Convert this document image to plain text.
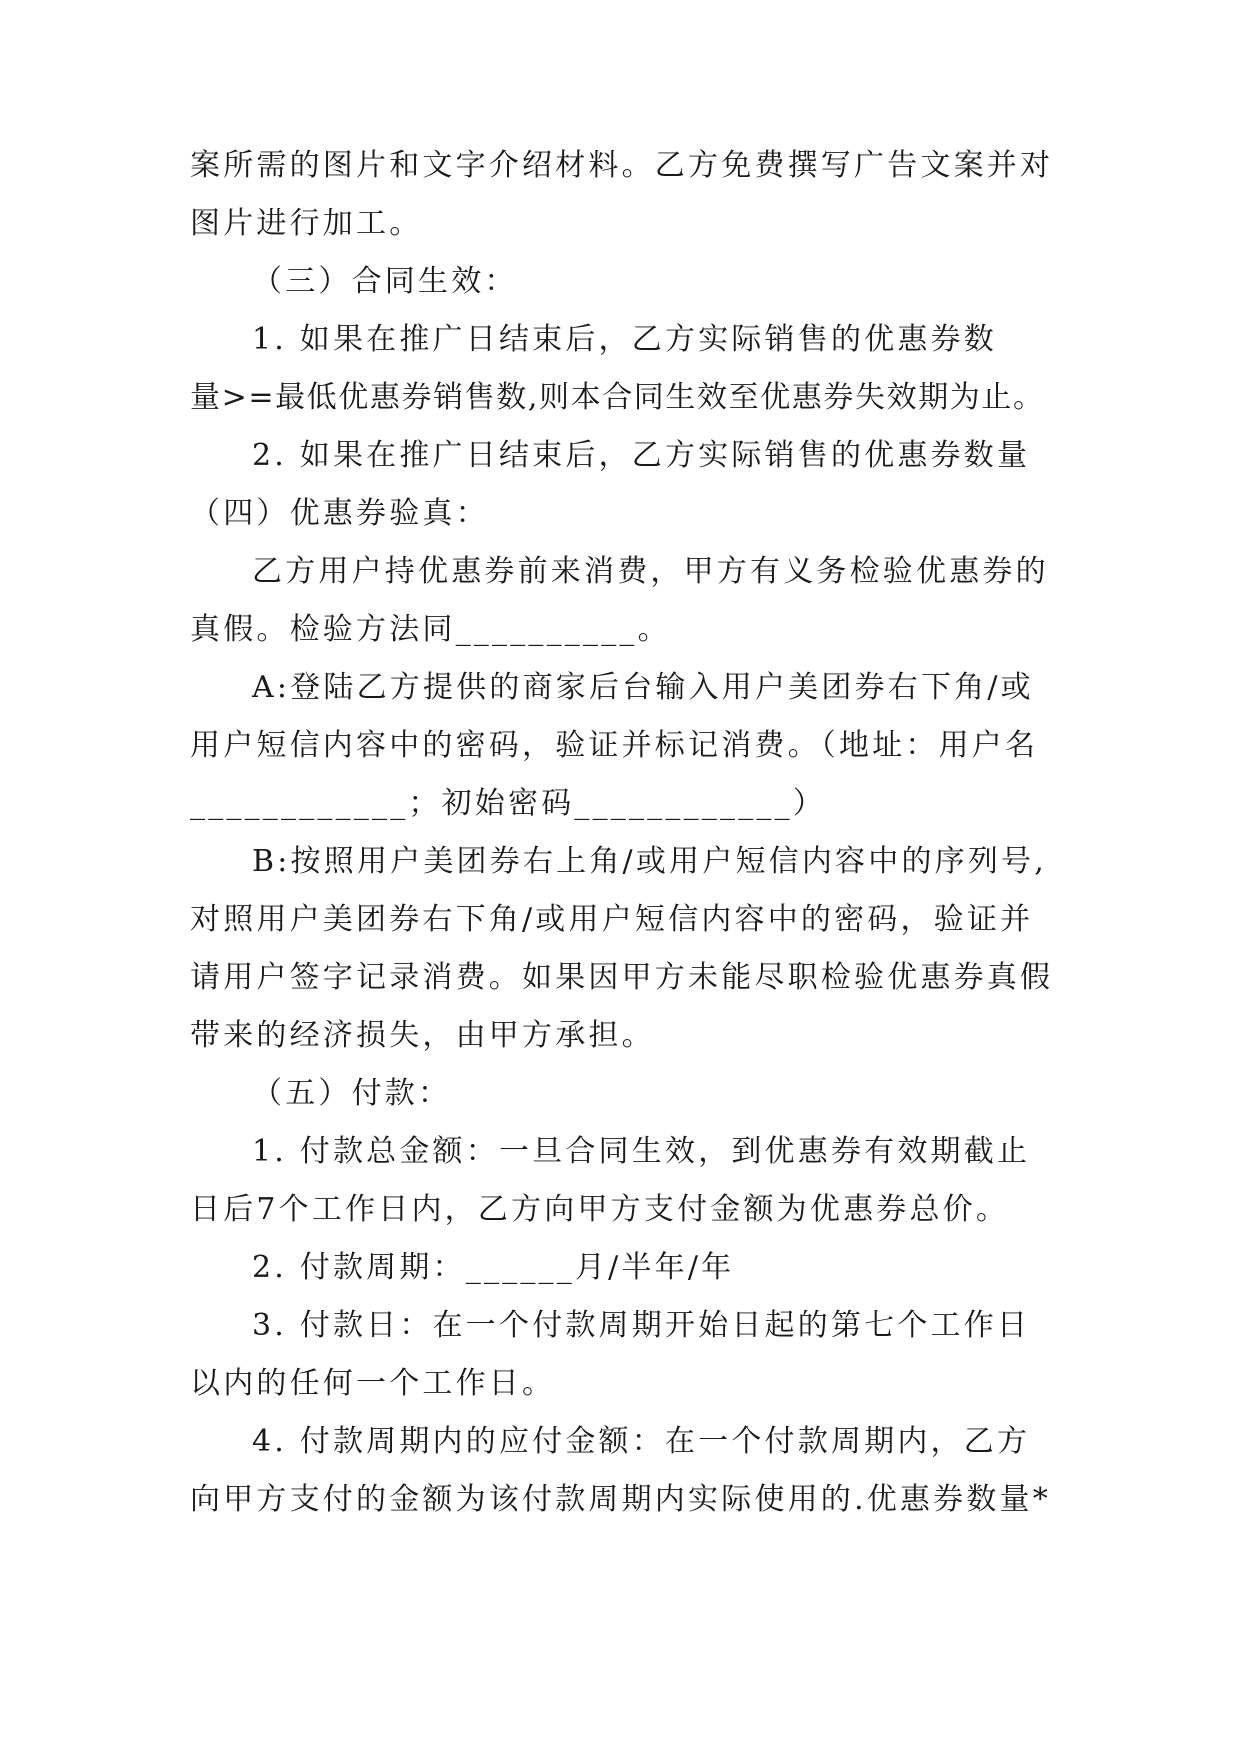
案所需的图片和文字介绍材料。乙方免费撰写广告文案并对
图片进行加工。
（三）合同生效：
1. 如果在推广日结束后，乙方实际销售的优惠券数
量>=最低优惠券销售数,则本合同生效至优惠券失效期为止。
2. 如果在推广日结束后，乙方实际销售的优惠券数量
（四）优惠券验真：
乙方用户持优惠券前来消费，甲方有义务检验优惠券的
真假。检验方法同__________。
A:登陆乙方提供的商家后台输入用户美团券右下角/或
用户短信内容中的密码，验证并标记消费。（地址：用户名
____________；初始密码____________）
B:按照用户美团券右上角/或用户短信内容中的序列号,
对照用户美团券右下角/或用户短信内容中的密码，验证并
请用户签字记录消费。如果因甲方未能尽职检验优惠券真假
带来的经济损失，由甲方承担。
（五）付款：
1. 付款总金额：一旦合同生效，到优惠券有效期截止
日后7个工作日内，乙方向甲方支付金额为优惠券总价。
2. 付款周期：______月/半年/年
3. 付款日：在一个付款周期开始日起的第七个工作日
以内的任何一个工作日。
4. 付款周期内的应付金额：在一个付款周期内，乙方
向甲方支付的金额为该付款周期内实际使用的.优惠券数量*
